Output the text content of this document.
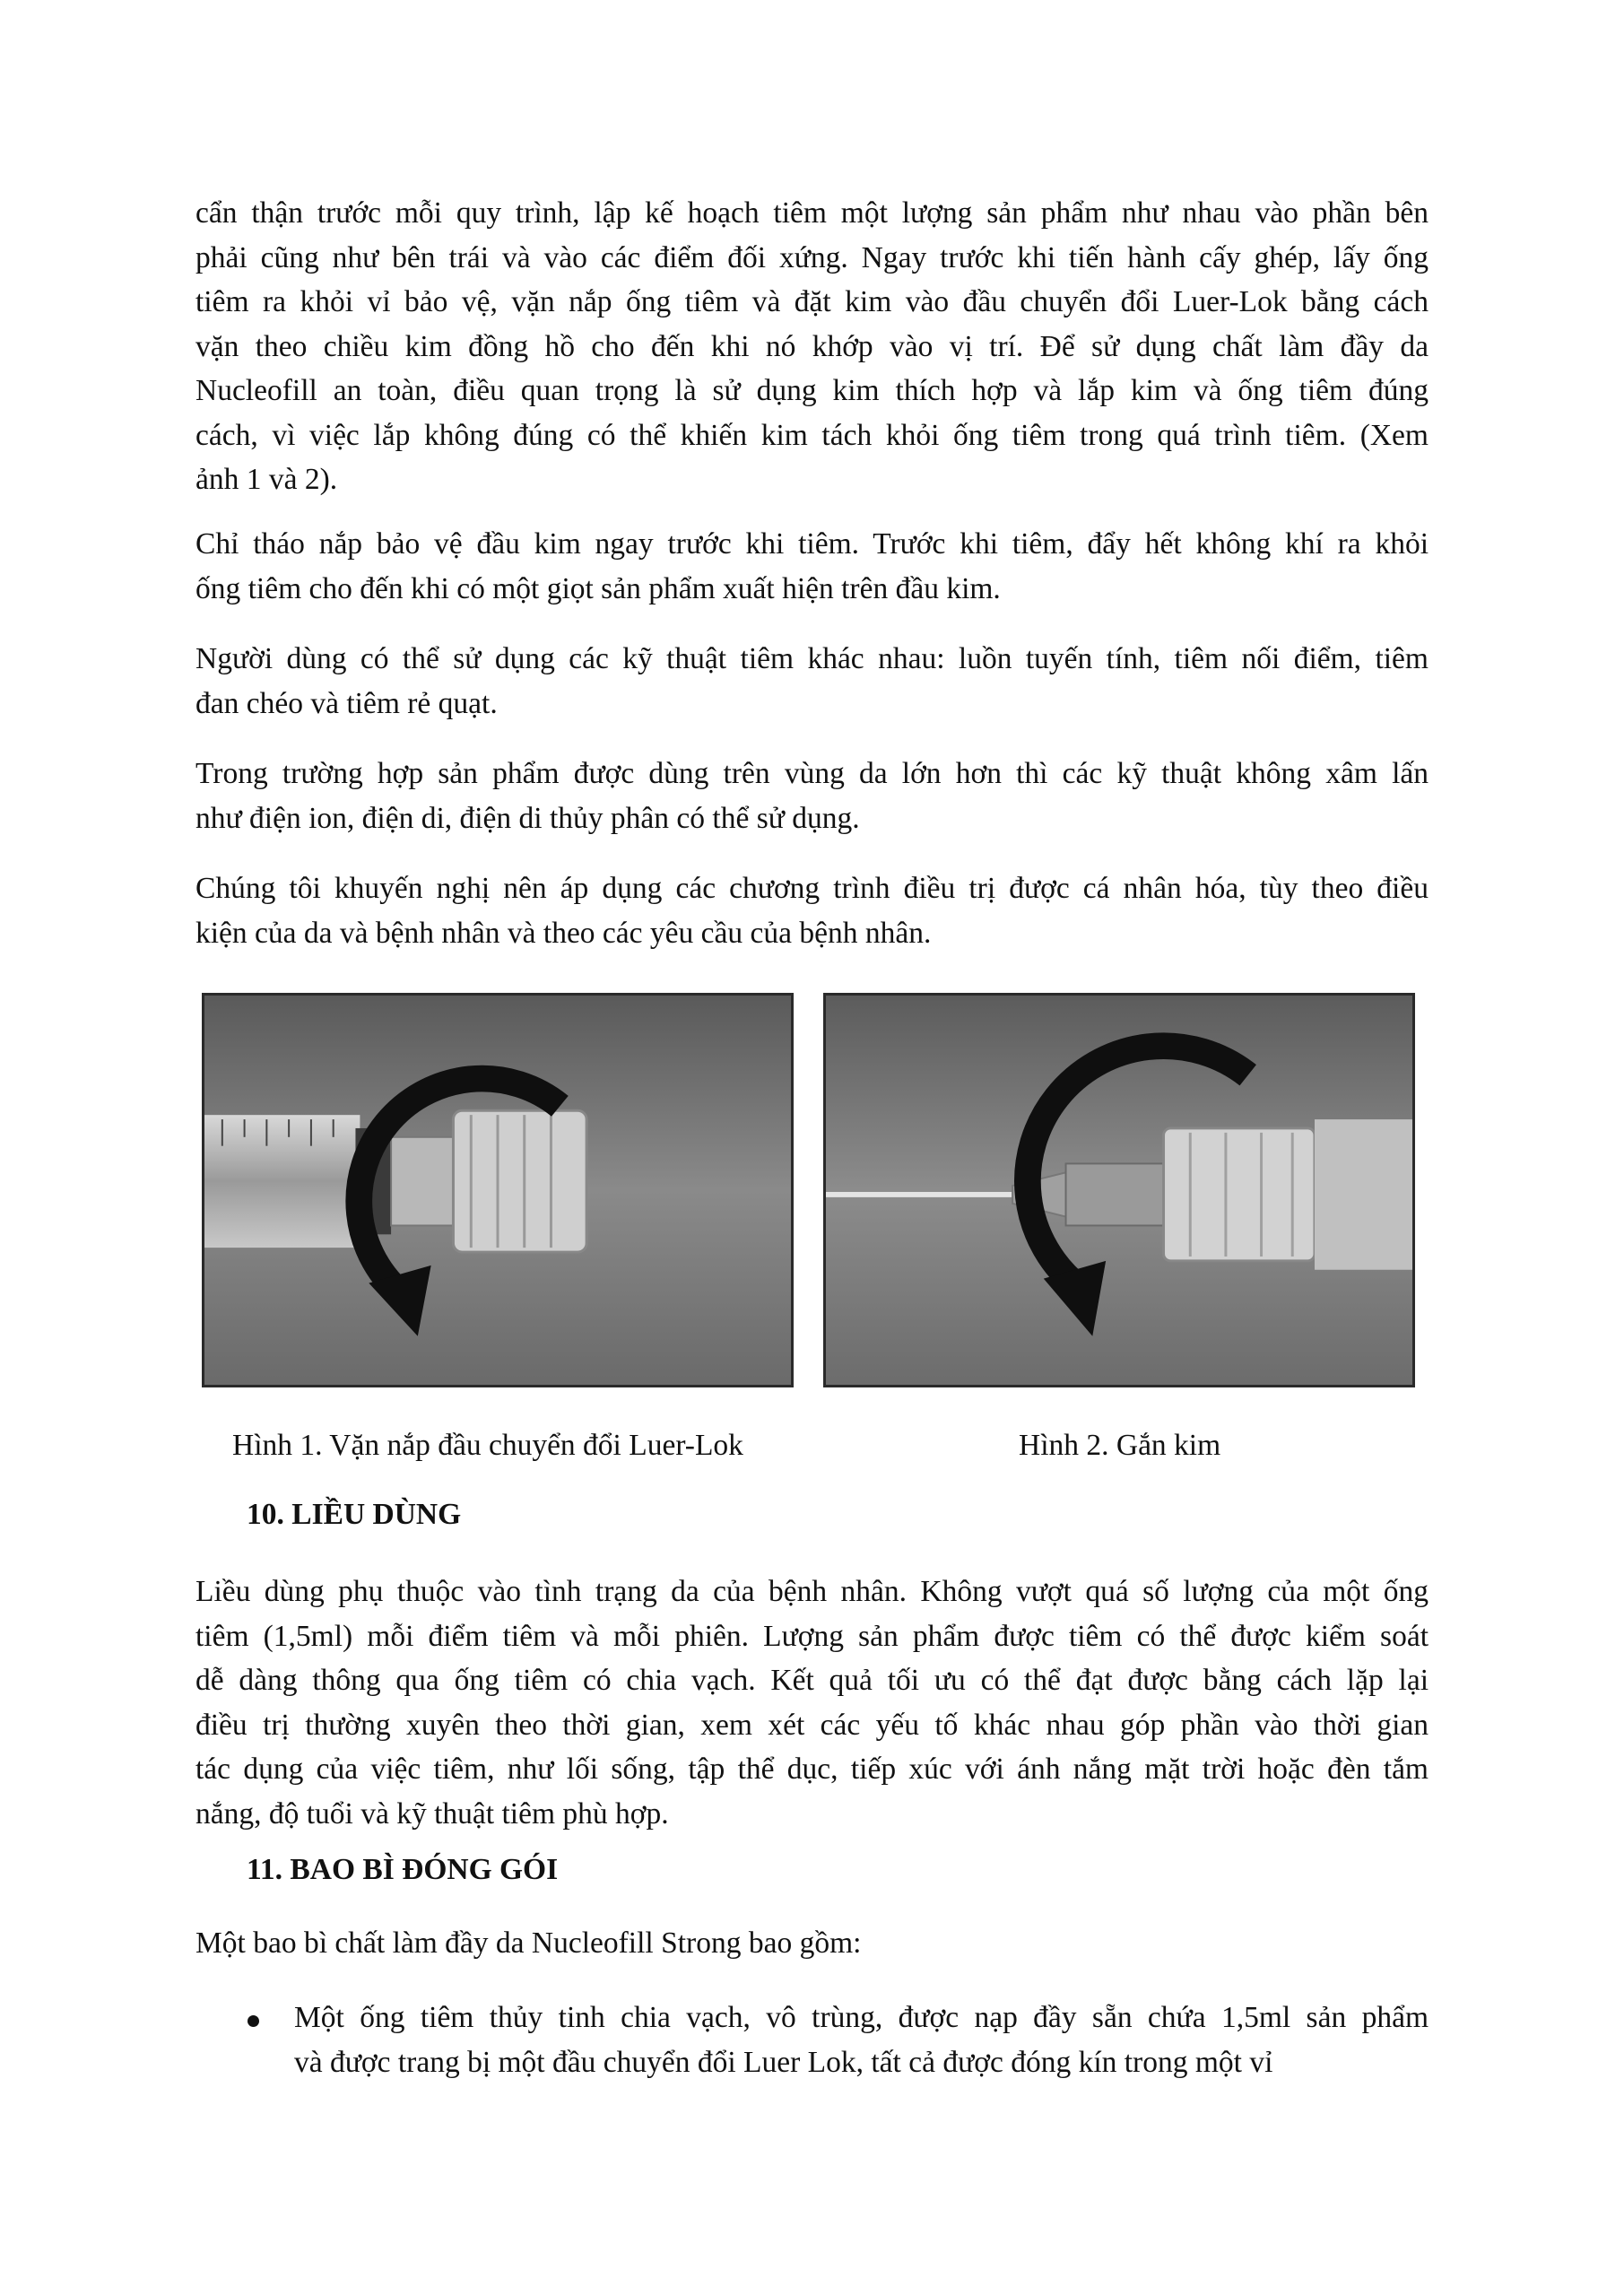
cẩn thận trước mỗi quy trình, lập kế hoạch tiêm một lượng sản phẩm như nhau vào phần bên
phải cũng như bên trái và vào các điểm đối xứng. Ngay trước khi tiến hành cấy ghép, lấy ống
tiêm ra khỏi vỉ bảo vệ, vặn nắp ống tiêm và đặt kim vào đầu chuyển đổi Luer-Lok bằng cách
vặn theo chiều kim đồng hồ cho đến khi nó khớp vào vị trí. Để sử dụng chất làm đầy da
Nucleofill an toàn, điều quan trọng là sử dụng kim thích hợp và lắp kim và ống tiêm đúng
cách, vì việc lắp không đúng có thể khiến kim tách khỏi ống tiêm trong quá trình tiêm. (Xem
ảnh 1 và 2).
Chỉ tháo nắp bảo vệ đầu kim ngay trước khi tiêm. Trước khi tiêm, đẩy hết không khí ra khỏi
ống tiêm cho đến khi có một giọt sản phẩm xuất hiện trên đầu kim.
Người dùng có thể sử dụng các kỹ thuật tiêm khác nhau: luồn tuyến tính, tiêm nối điểm, tiêm
đan chéo và tiêm rẻ quạt.
Trong trường hợp sản phẩm được dùng trên vùng da lớn hơn thì các kỹ thuật không xâm lấn
như điện ion, điện di, điện di thủy phân có thể sử dụng.
Chúng tôi khuyến nghị nên áp dụng các chương trình điều trị được cá nhân hóa, tùy theo điều
kiện của da và bệnh nhân và theo các yêu cầu của bệnh nhân.

Hình 1. Vặn nắp đầu chuyển đổi Luer-Lok	Hình 2. Gắn kim

10. LIỀU DÙNG

Liều dùng phụ thuộc vào tình trạng da của bệnh nhân. Không vượt quá số lượng của một ống
tiêm (1,5ml) mỗi điểm tiêm và mỗi phiên. Lượng sản phẩm được tiêm có thể được kiểm soát
dễ dàng thông qua ống tiêm có chia vạch. Kết quả tối ưu có thể đạt được bằng cách lặp lại
điều trị thường xuyên theo thời gian, xem xét các yếu tố khác nhau góp phần vào thời gian
tác dụng của việc tiêm, như lối sống, tập thể dục, tiếp xúc với ánh nắng mặt trời hoặc đèn tắm
nắng, độ tuổi và kỹ thuật tiêm phù hợp.

11. BAO BÌ ĐÓNG GÓI

Một bao bì chất làm đầy da Nucleofill Strong bao gồm:
Một ống tiêm thủy tinh chia vạch, vô trùng, được nạp đầy sẵn chứa 1,5ml sản phẩm
và được trang bị một đầu chuyển đổi Luer Lok, tất cả được đóng kín trong một vỉ
